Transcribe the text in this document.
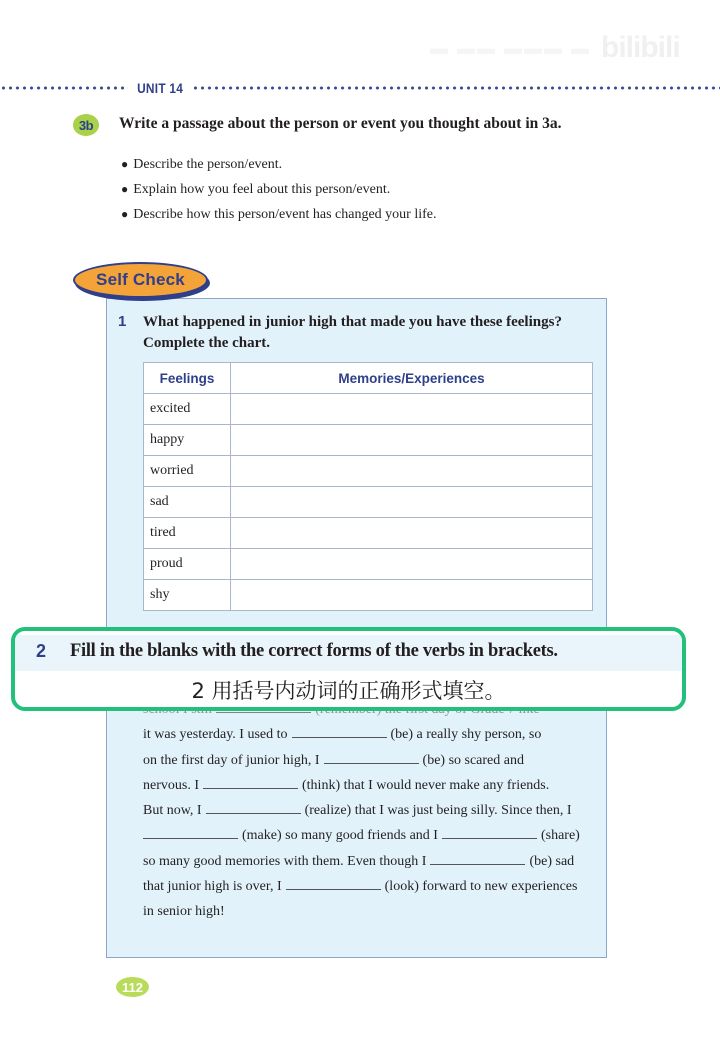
▬ ▬▬ ▬▬▬ ▬ bilibili
UNIT 14
3b	Write a passage about the person or event you thought about in 3a.
● Describe the person/event.
● Explain how you feel about this person/event.
● Describe how this person/event has changed your life.
Self Check
1 What happened in junior high that made you have these feelings? Complete the chart.
Feelings	Memories/Experiences
excited	
happy	
worried	
sad	
tired	
proud	
shy	
it was yesterday. I used to	(be) a really shy person, so
on the first day of junior high, I	(be) so scared and
nervous. I	(think) that I would never make any friends.
But now, I	(realize) that I was just being silly. Since then, I
(make) so many good friends and I	(share)
so many good memories with them. Even though I	(be) sad
that junior high is over, I	(look) forward to new experiences
in senior high!
2 Fill in the blanks with the correct forms of the verbs in brackets.
2 用括号内动词的正确形式填空。
112
